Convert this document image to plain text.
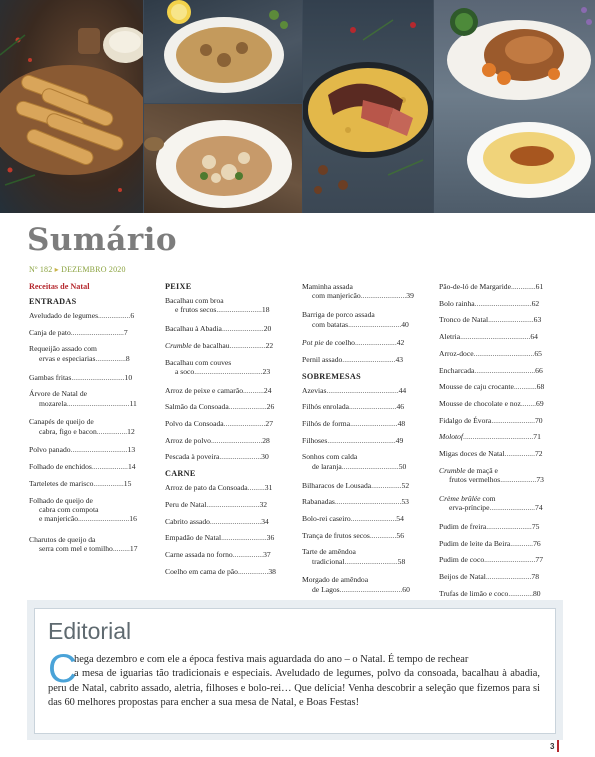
Sumário
Nº 182 ▸ DEZEMBRO 2020
Receitas de Natal
ENTRADAS
Aveludado de legumes.................6
Canja de pato............................7
Requeijão assado com
ervas e especiarias................8
Gambas fritas............................10
Árvore de Natal de
mozarela.................................11
Canapés de queijo de
cabra, figo e bacon................12
Polvo panado..............................13
Folhado de enchidos...................14
Tarteletes de marisco................15
Folhado de queijo de
cabra com compota
e manjericão...........................16
Charutos de queijo da
serra com mel e tomilho.........17
PEIXE
Bacalhau com broa
e frutos secos........................18
Bacalhau à Abadia......................20
Crumble de bacalhau...................22
Bacalhau com couves
a soco....................................23
Arroz de peixe e camarão...........24
Salmão da Consoada....................26
Polvo da Consoada......................27
Arroz de polvo...........................28
Pescada à poveira......................30
CARNE
Arroz de pato da Consoada.........31
Peru de Natal............................32
Cabrito assado...........................34
Empadão de Natal........................36
Carne assada no forno................37
Coelho em cama de pão................38
Maminha assada
com manjericão........................39
Barriga de porco assada
com batatas............................40
Pot pie de coelho......................42
Pernil assado............................43
SOBREMESAS
Azevias......................................44
Filhós enrolada.........................46
Filhós de forma.........................48
Filhoses....................................49
Sonhos com calda
de laranja..............................50
Bilharacos de Lousada................52
Rabanadas...................................53
Bolo-rei caseiro........................54
Trança de frutos secos..............56
Tarte de amêndoa
tradicional............................58
Morgado de amêndoa
de Lagos.................................60
Pão-de-ló de Margaride.............61
Bolo rainha..............................62
Tronco de Natal........................63
Aletria.....................................64
Arroz-doce................................65
Encharcada................................66
Mousse de caju crocante............68
Mousse de chocolate e noz........69
Fidalgo de Évora.......................70
Molotof.....................................71
Migas doces de Natal................72
Crumble de maçã e
frutos vermelhos...................73
Crème brûlée com
erva-príncipe........................74
Pudim de freira........................75
Pudim de leite da Beira............76
Pudim de coco...........................77
Beijos de Natal........................78
Trufas de limão e coco.............80
Editorial
C
hega dezembro e com ele a época festiva mais aguardada do ano – o Natal. É tempo de rechear
a mesa de iguarias tão tradicionais e especiais. Aveludado de legumes, polvo da consoada, bacalhau à abadia, peru de Natal, cabrito assado, aletria, filhoses e bolo-rei… Que delícia! Venha descobrir a seleção que fizemos para si das 60 melhores propostas para encher a sua mesa de Natal, e Boas Festas!
3
